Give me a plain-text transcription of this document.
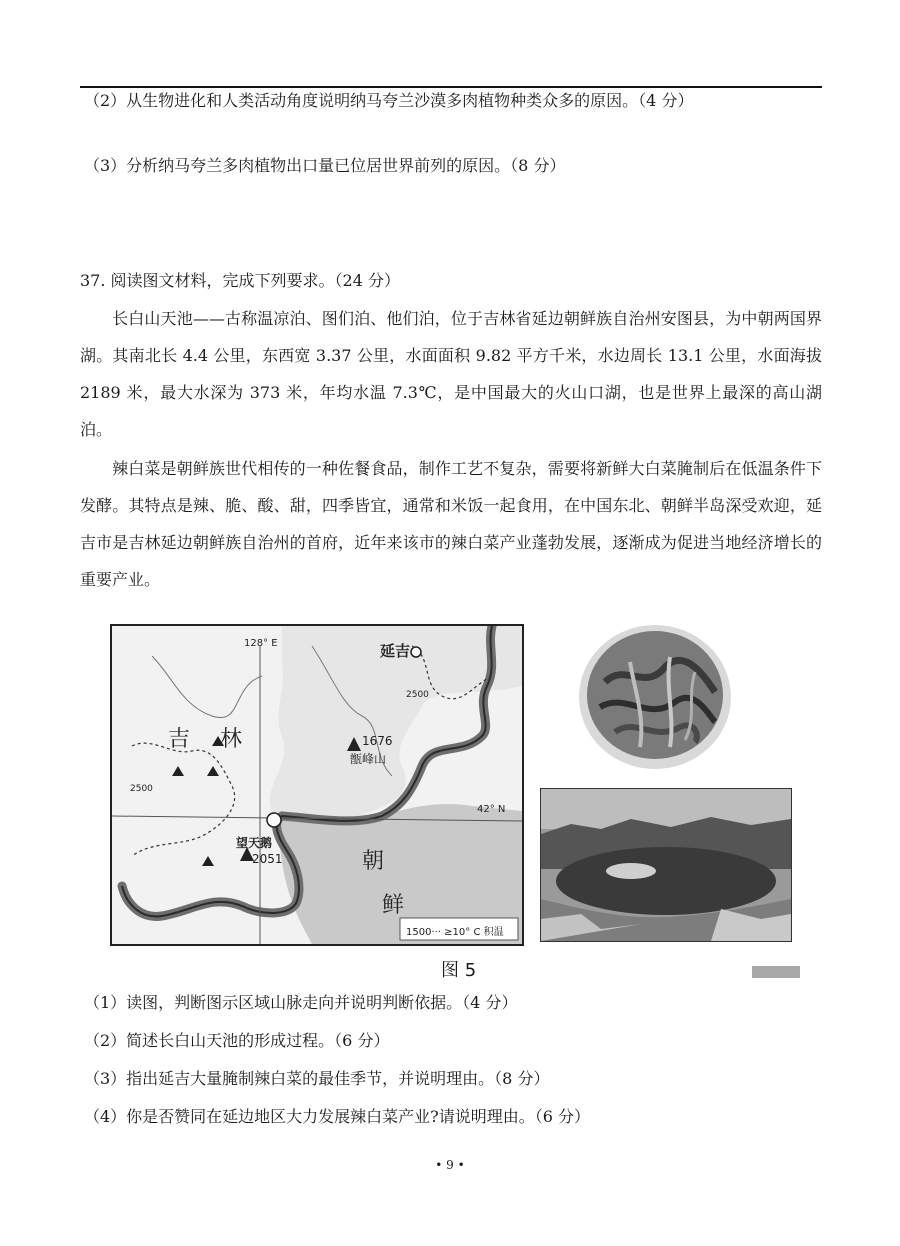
（2）从生物进化和人类活动角度说明纳马夸兰沙漠多肉植物种类众多的原因。（4 分）
（3）分析纳马夸兰多肉植物出口量已位居世界前列的原因。（8 分）
37. 阅读图文材料，完成下列要求。（24 分）
长白山天池——古称温凉泊、图们泊、他们泊，位于吉林省延边朝鲜族自治州安图县，为中朝两国界湖。其南北长 4.4 公里，东西宽 3.37 公里，水面面积 9.82 平方千米，水边周长 13.1 公里，水面海拔 2189 米，最大水深为 373 米，年均水温 7.3℃，是中国最大的火山口湖，也是世界上最深的高山湖泊。
辣白菜是朝鲜族世代相传的一种佐餐食品，制作工艺不复杂，需要将新鲜大白菜腌制后在低温条件下发酵。其特点是辣、脆、酸、甜，四季皆宜，通常和米饭一起食用，在中国东北、朝鲜半岛深受欢迎，延吉市是吉林延边朝鲜族自治州的首府，近年来该市的辣白菜产业蓬勃发展，逐渐成为促进当地经济增长的重要产业。
128° E
42° N
延吉
吉 林
朝
鲜
1676
甑峰山
望天鹅
2051
2500
2500
1500··· ≥10° C 积温
图 5
（1）读图，判断图示区域山脉走向并说明判断依据。（4 分）
（2）简述长白山天池的形成过程。（6 分）
（3）指出延吉大量腌制辣白菜的最佳季节，并说明理由。（8 分）
（4）你是否赞同在延边地区大力发展辣白菜产业?请说明理由。（6 分）
• 9 •
